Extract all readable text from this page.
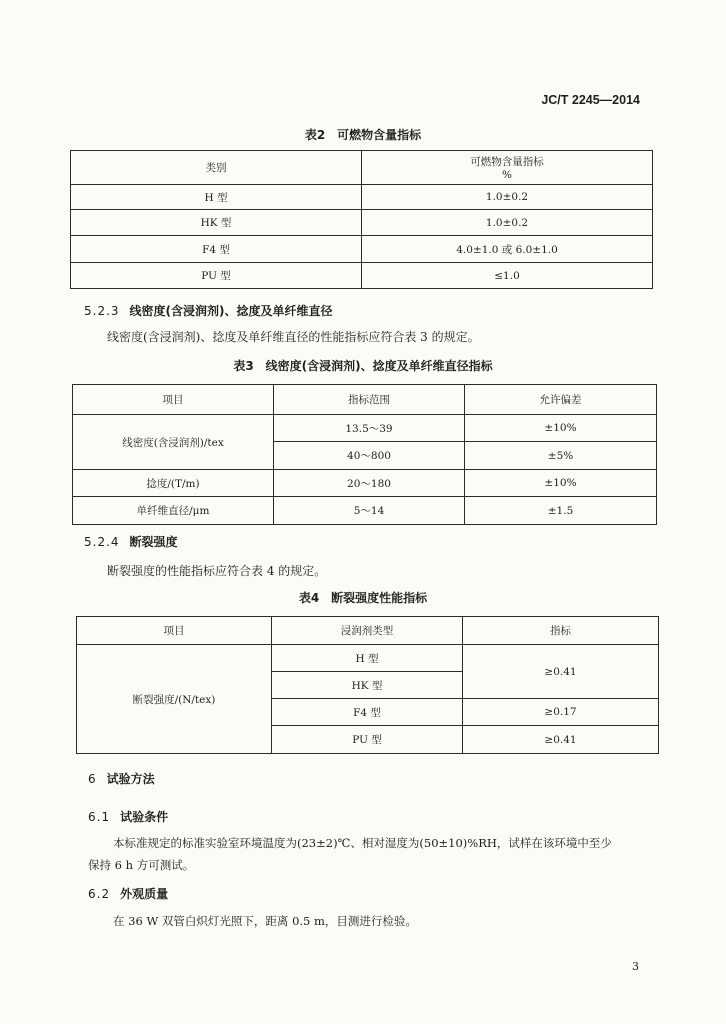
JC/T 2245—2014
表2　可燃物含量指标
类别	可燃物含量指标
%

H 型	1.0±0.2
HK 型	1.0±0.2
F4 型	4.0±1.0 或 6.0±1.0
PU 型	≤1.0
5.2.3 线密度(含浸润剂)、捻度及单纤维直径
线密度(含浸润剂)、捻度及单纤维直径的性能指标应符合表 3 的规定。
表3　线密度(含浸润剂)、捻度及单纤维直径指标
项目	指标范围	允许偏差
线密度(含浸润剂)/tex	13.5～39	±10%
	40～800	±5%
捻度/(T/m)	20～180	±10%
单纤维直径/μm	5～14	±1.5
5.2.4 断裂强度
断裂强度的性能指标应符合表 4 的规定。
表4　断裂强度性能指标
项目	浸润剂类型	指标
断裂强度/(N/tex)	H 型	≥0.41
	HK 型	
	F4 型	≥0.17
	PU 型	≥0.41
6 试验方法
6.1 试验条件
本标准规定的标准实验室环境温度为(23±2)℃、相对湿度为(50±10)%RH，试样在该环境中至少
保持 6 h 方可测试。
6.2 外观质量
在 36 W 双管白炽灯光照下，距离 0.5 m，目测进行检验。
3
